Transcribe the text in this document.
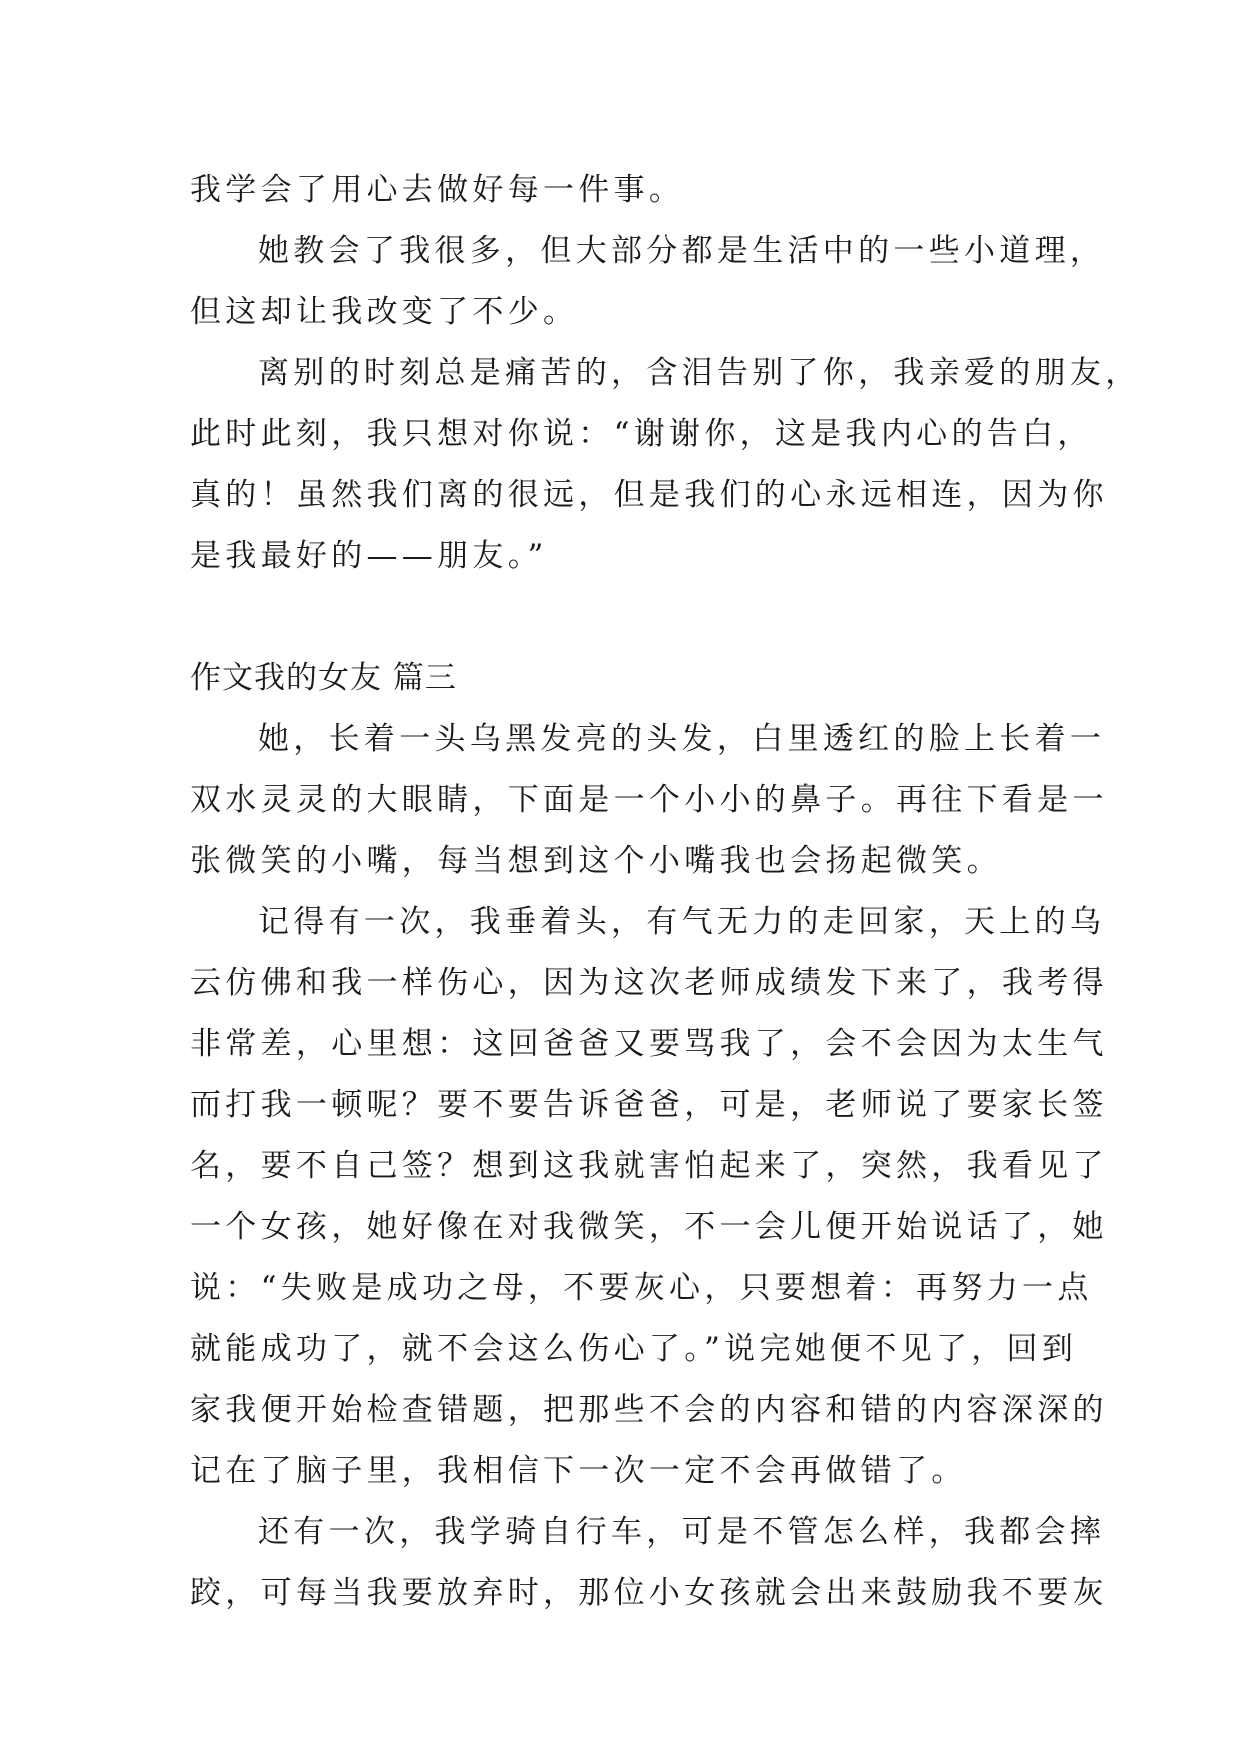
我学会了用心去做好每一件事。
她教会了我很多，但大部分都是生活中的一些小道理，
但这却让我改变了不少。
离别的时刻总是痛苦的，含泪告别了你，我亲爱的朋友，
此时此刻，我只想对你说：“谢谢你，这是我内心的告白，
真的！虽然我们离的很远，但是我们的心永远相连，因为你
是我最好的——朋友。”
作文我的女友 篇三
她，长着一头乌黑发亮的头发，白里透红的脸上长着一
双水灵灵的大眼睛，下面是一个小小的鼻子。再往下看是一
张微笑的小嘴，每当想到这个小嘴我也会扬起微笑。
记得有一次，我垂着头，有气无力的走回家，天上的乌
云仿佛和我一样伤心，因为这次老师成绩发下来了，我考得
非常差，心里想：这回爸爸又要骂我了，会不会因为太生气
而打我一顿呢？要不要告诉爸爸，可是，老师说了要家长签
名，要不自己签？想到这我就害怕起来了，突然，我看见了
一个女孩，她好像在对我微笑，不一会儿便开始说话了，她
说：“失败是成功之母，不要灰心，只要想着：再努力一点
就能成功了，就不会这么伤心了。”说完她便不见了，回到
家我便开始检查错题，把那些不会的内容和错的内容深深的
记在了脑子里，我相信下一次一定不会再做错了。
还有一次，我学骑自行车，可是不管怎么样，我都会摔
跤，可每当我要放弃时，那位小女孩就会出来鼓励我不要灰
